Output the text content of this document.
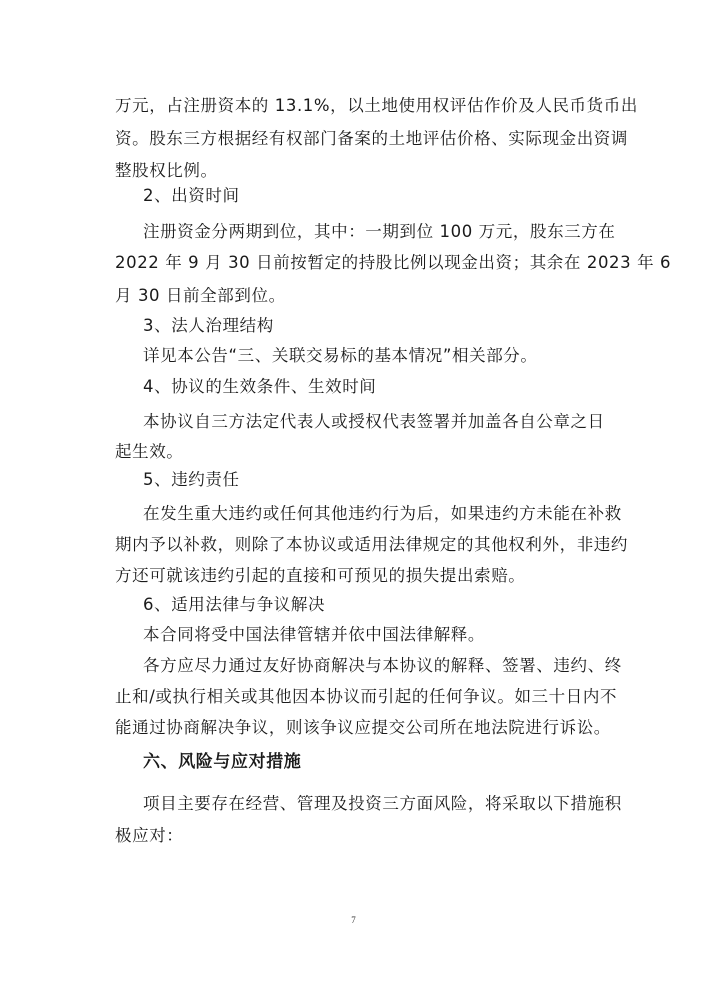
万元，占注册资本的 13.1%，以土地使用权评估作价及人民币货币出
资。股东三方根据经有权部门备案的土地评估价格、实际现金出资调
整股权比例。
2、出资时间
注册资金分两期到位，其中：一期到位 100 万元，股东三方在
2022 年 9 月 30 日前按暂定的持股比例以现金出资；其余在 2023 年 6
月 30 日前全部到位。
3、法人治理结构
详见本公告“三、关联交易标的基本情况”相关部分。
4、协议的生效条件、生效时间
本协议自三方法定代表人或授权代表签署并加盖各自公章之日
起生效。
5、违约责任
在发生重大违约或任何其他违约行为后，如果违约方未能在补救
期内予以补救，则除了本协议或适用法律规定的其他权利外，非违约
方还可就该违约引起的直接和可预见的损失提出索赔。
6、适用法律与争议解决
本合同将受中国法律管辖并依中国法律解释。
各方应尽力通过友好协商解决与本协议的解释、签署、违约、终
止和/或执行相关或其他因本协议而引起的任何争议。如三十日内不
能通过协商解决争议，则该争议应提交公司所在地法院进行诉讼。
六、风险与应对措施
项目主要存在经营、管理及投资三方面风险，将采取以下措施积
极应对：
7
